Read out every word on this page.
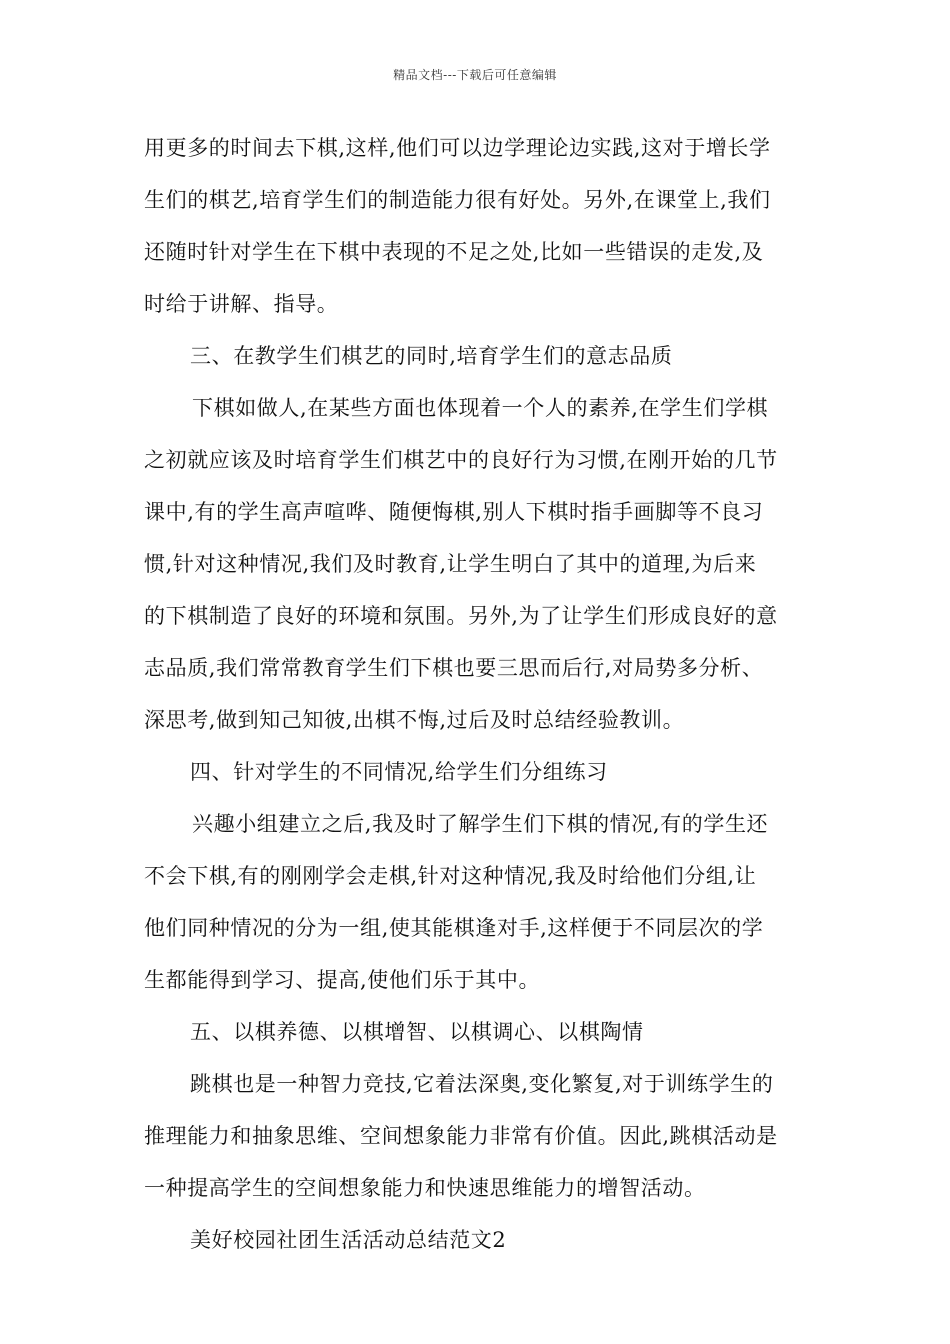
精品文档---下载后可任意编辑
用更多的时间去下棋,这样,他们可以边学理论边实践,这对于增长学
生们的棋艺,培育学生们的制造能力很有好处。另外,在课堂上,我们
还随时针对学生在下棋中表现的不足之处,比如一些错误的走发,及
时给于讲解、指导。
三、在教学生们棋艺的同时,培育学生们的意志品质
下棋如做人,在某些方面也体现着一个人的素养,在学生们学棋
之初就应该及时培育学生们棋艺中的良好行为习惯,在刚开始的几节
课中,有的学生高声喧哗、随便悔棋,别人下棋时指手画脚等不良习
惯,针对这种情况,我们及时教育,让学生明白了其中的道理,为后来
的下棋制造了良好的环境和氛围。另外,为了让学生们形成良好的意
志品质,我们常常教育学生们下棋也要三思而后行,对局势多分析、
深思考,做到知己知彼,出棋不悔,过后及时总结经验教训。
四、针对学生的不同情况,给学生们分组练习
兴趣小组建立之后,我及时了解学生们下棋的情况,有的学生还
不会下棋,有的刚刚学会走棋,针对这种情况,我及时给他们分组,让
他们同种情况的分为一组,使其能棋逢对手,这样便于不同层次的学
生都能得到学习、提高,使他们乐于其中。
五、以棋养德、以棋增智、以棋调心、以棋陶情
跳棋也是一种智力竞技,它着法深奥,变化繁复,对于训练学生的
推理能力和抽象思维、空间想象能力非常有价值。因此,跳棋活动是
一种提高学生的空间想象能力和快速思维能力的增智活动。
美好校园社团生活活动总结范文2
